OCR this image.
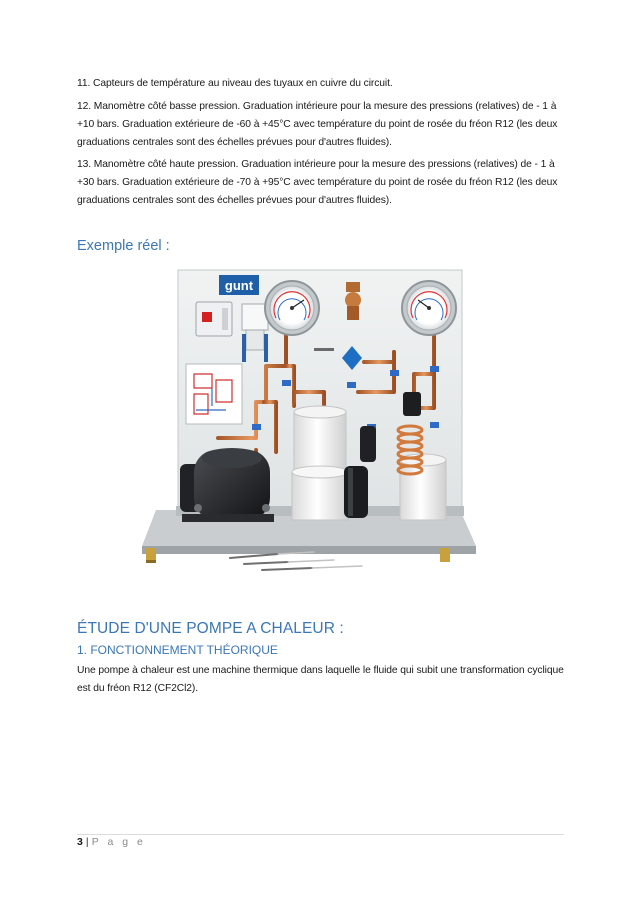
11. Capteurs de température au niveau des tuyaux en cuivre du circuit.
12. Manomètre côté basse pression. Graduation intérieure pour la mesure des pressions (relatives) de - 1 à +10 bars. Graduation extérieure de -60 à +45°C avec température du point de rosée du fréon R12 (les deux graduations centrales sont des échelles prévues pour d'autres fluides).
13. Manomètre côté haute pression. Graduation intérieure pour la mesure des pressions (relatives) de - 1 à +30 bars. Graduation extérieure de -70 à +95°C avec température du point de rosée du fréon R12 (les deux graduations centrales sont des échelles prévues pour d'autres fluides).
Exemple réel :
gunt
ÉTUDE D'UNE POMPE A CHALEUR :
1. FONCTIONNEMENT THÉORIQUE
Une pompe à chaleur est une machine thermique dans laquelle le fluide qui subit une transformation cyclique est du fréon R12 (CF2Cl2).
3 | P a g e
